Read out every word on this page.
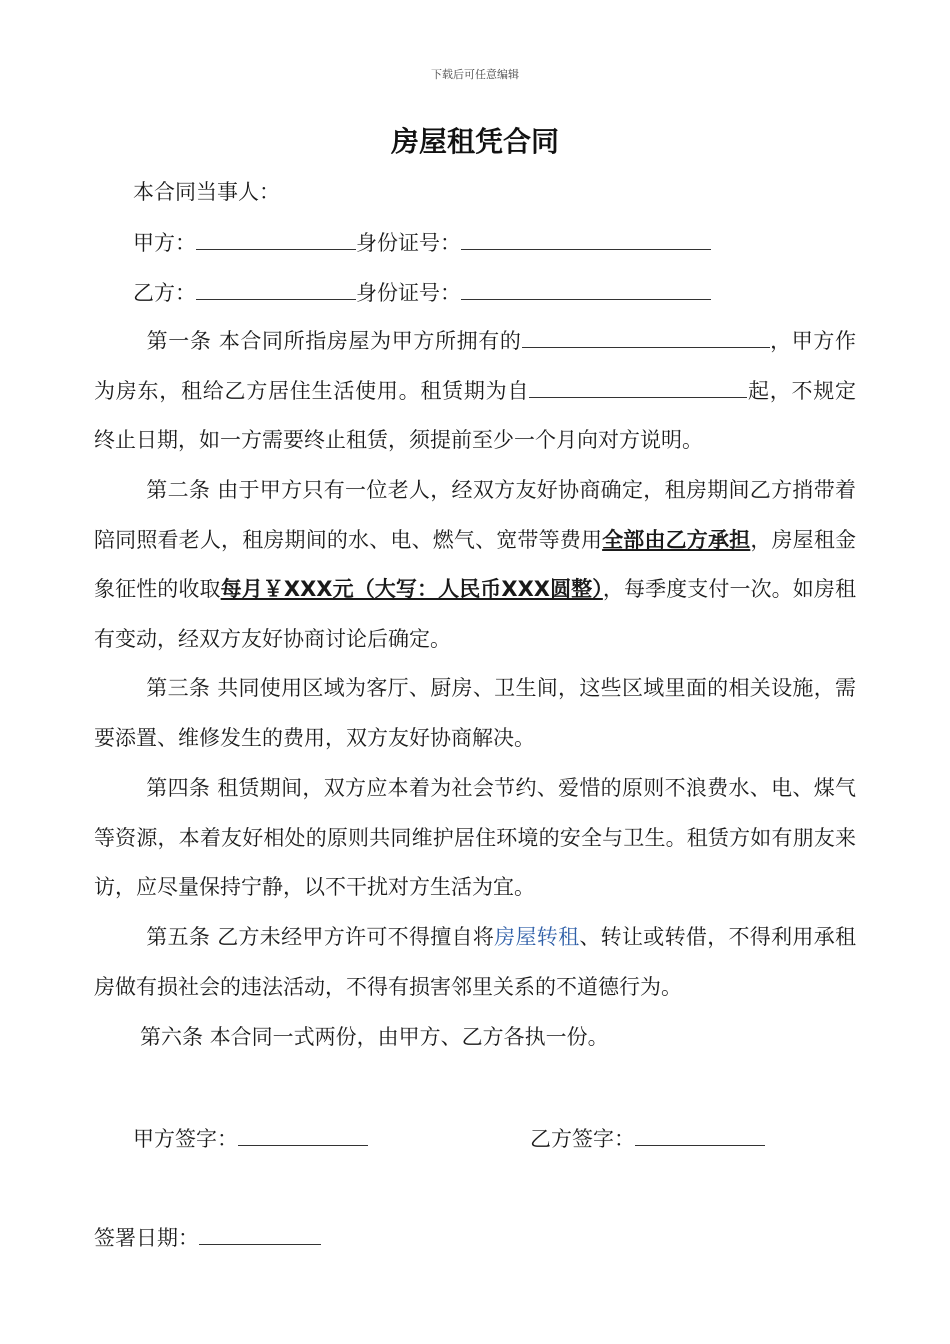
下载后可任意编辑
房屋租凭合同
本合同当事人：
甲方：	身份证号：
乙方：	身份证号：
第一条 本合同所指房屋为甲方所拥有的	，甲方作为房东，租给乙方居住生活使用。租赁期为自	起，不规定终止日期，如一方需要终止租赁，须提前至少一个月向对方说明。
第二条 由于甲方只有一位老人，经双方友好协商确定，租房期间乙方捎带着陪同照看老人，租房期间的水、电、燃气、宽带等费用全部由乙方承担，房屋租金象征性的收取每月￥XXX元（大写：人民币XXX圆整），每季度支付一次。如房租有变动，经双方友好协商讨论后确定。
第三条 共同使用区域为客厅、厨房、卫生间，这些区域里面的相关设施，需要添置、维修发生的费用，双方友好协商解决。
第四条 租赁期间，双方应本着为社会节约、爱惜的原则不浪费水、电、煤气等资源，本着友好相处的原则共同维护居住环境的安全与卫生。租赁方如有朋友来访，应尽量保持宁静，以不干扰对方生活为宜。
第五条 乙方未经甲方许可不得擅自将房屋转租、转让或转借，不得利用承租房做有损社会的违法活动，不得有损害邻里关系的不道德行为。
第六条 本合同一式两份，由甲方、乙方各执一份。
甲方签字：	乙方签字：
签署日期：
